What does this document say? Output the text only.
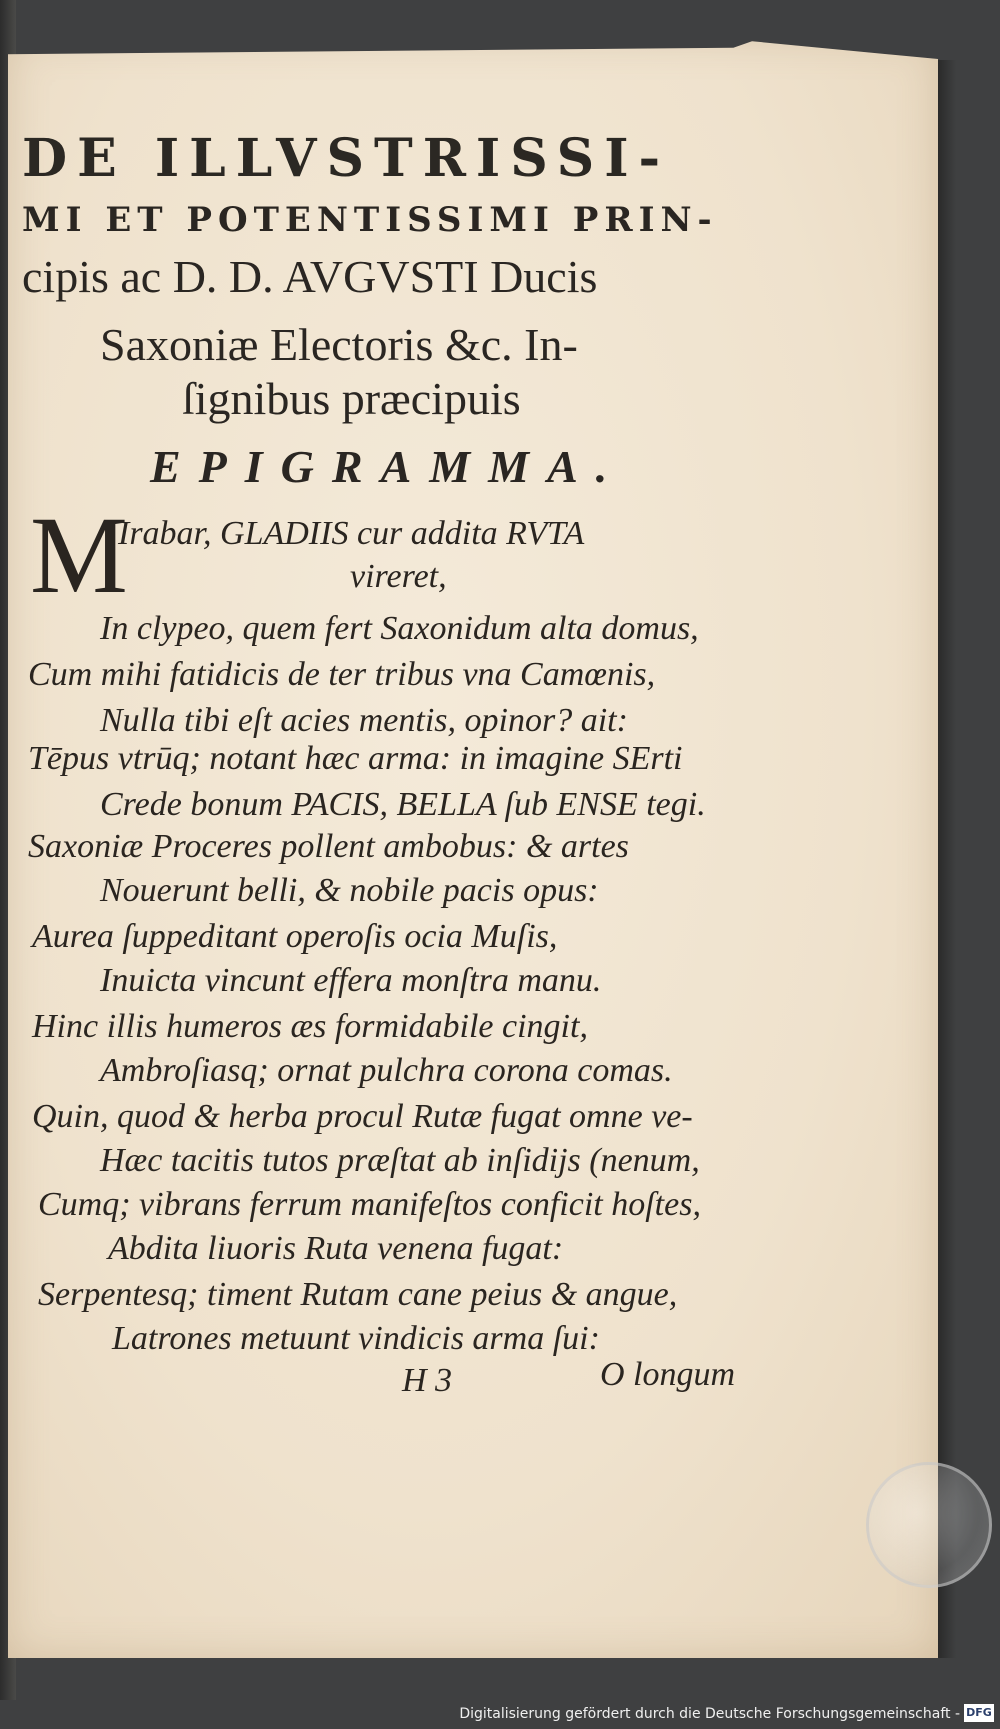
DE ILLVSTRISSI-
MI ET POTENTISSIMI PRIN-
cipis ac D. D. AVGVSTI Ducis
Saxoniæ Electoris &c. In-
ſignibus præcipuis
EPIGRAMMA.
M
Irabar, GLADIIS cur addita RVTA
vireret,
In clypeo, quem fert Saxonidum alta domus,
Cum mihi fatidicis de ter tribus vna Camœnis,
Nulla tibi eſt acies mentis, opinor? ait:
Tēpus vtrūq; notant hæc arma: in imagine SErti
Crede bonum PACIS, BELLA ſub ENSE tegi.
Saxoniæ Proceres pollent ambobus: & artes
Nouerunt belli, & nobile pacis opus:
Aurea ſuppeditant operoſis ocia Muſis,
Inuicta vincunt effera monſtra manu.
Hinc illis humeros æs formidabile cingit,
Ambroſiasq; ornat pulchra corona comas.
Quin, quod & herba procul Rutæ fugat omne ve-
Hæc tacitis tutos præſtat ab inſidijs (nenum,
Cumq; vibrans ferrum manifeſtos conficit hoſtes,
Abdita liuoris Ruta venena fugat:
Serpentesq; timent Rutam cane peius & angue,
Latrones metuunt vindicis arma ſui:
H 3	O longum
Digitalisierung gefördert durch die Deutsche Forschungsgemeinschaft - DFG
